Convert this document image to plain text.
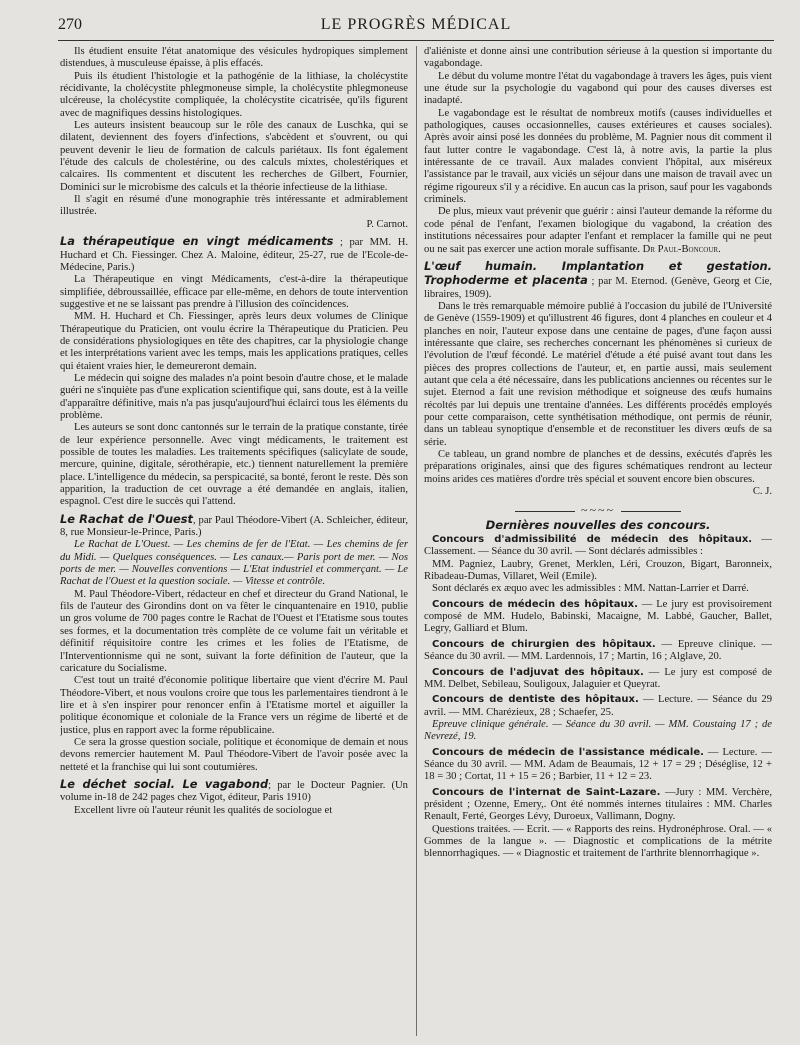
270	LE PROGRÈS MÉDICAL

Ils étudient ensuite l'état anatomique des vésicules hydropiques simplement distendues, à musculeuse épaisse, à plis effacés.

Puis ils étudient l'histologie et la pathogénie de la lithiase, la cholécystite récidivante, la cholécystite phlegmoneuse simple, la cholécystite phlegmoneuse ulcéreuse, la cholécystite compliquée, la cholécystite cicatrisée, qu'ils figurent avec de magnifiques dessins histologiques.

Les auteurs insistent beaucoup sur le rôle des canaux de Luschka, qui se dilatent, deviennent des foyers d'infections, s'abcèdent et s'ouvrent, ou qui peuvent devenir le lieu de formation de calculs pariétaux. Ils font également l'étude des calculs de cholestérine, ou des calculs mixtes, cholestériques et calcaires. Ils commentent et discutent les recherches de Gilbert, Fournier, Dominici sur le microbisme des calculs et la théorie infectieuse de la lithiase.

Il s'agit en résumé d'une monographie très intéressante et admirablement illustrée.

P. Carnot.

La thérapeutique en vingt médicaments ; par MM. H. Huchard et Ch. Fiessinger. Chez A. Maloine, éditeur, 25-27, rue de l'Ecole-de-Médecine, Paris.)

La Thérapeutique en vingt Médicaments, c'est-à-dire la thérapeutique simplifiée, débroussaillée, efficace par elle-même, en dehors de toute intervention suggestive et ne se laissant pas prendre à l'illusion des coïncidences.

MM. H. Huchard et Ch. Fiessinger, après leurs deux volumes de Clinique Thérapeutique du Praticien, ont voulu écrire la Thérapeutique du Praticien. Peu de considérations physiologiques en tête des chapitres, car la physiologie change et les interprétations varient avec les temps, mais les applications pratiques, celles qui étaient vraies hier, le demeureront demain.

Le médecin qui soigne des malades n'a point besoin d'autre chose, et le malade guéri ne s'inquiète pas d'une explication scientifique qui, sans doute, est à la veille d'apparaître définitive, mais n'a pas jusqu'aujourd'hui éclairci tous les éléments du problème.

Les auteurs se sont donc cantonnés sur le terrain de la pratique constante, tirée de leur expérience personnelle. Avec vingt médicaments, le traitement est possible de toutes les maladies. Les traitements spécifiques (salicylate de soude, mercure, quinine, digitale, sérothérapie, etc.) tiennent naturellement la première place. L'intelligence du médecin, sa perspicacité, sa bonté, feront le reste. Dès son apparition, la traduction de cet ouvrage a été demandée en anglais, italien, espagnol. C'est dire le succès qui l'attend.

Le Rachat de l'Ouest, par Paul Théodore-Vibert (A. Schleicher, éditeur, 8, rue Monsieur-le-Prince, Paris.)

Le Rachat de L'Ouest. — Les chemins de fer de l'Etat. — Les chemins de fer du Midi. — Quelques conséquences. — Les canaux.— Paris port de mer. — Nos ports de mer. — Nouvelles conventions — L'Etat industriel et commerçant. — Le Rachat de l'Ouest et la question sociale. — Vitesse et contrôle.

M. Paul Théodore-Vibert, rédacteur en chef et directeur du Grand National, le fils de l'auteur des Girondins dont on va fêter le cinquantenaire en 1910, publie un gros volume de 700 pages contre le Rachat de l'Ouest et l'Etatisme sous toutes ses formes, et la documentation très complète de ce volume fait un véritable et définitif réquisitoire contre les crimes et les folies de l'Etatisme, de l'Interventionnisme qui ne sont, suivant la forte définition de l'auteur, que la caricature du Socialisme.

C'est tout un traité d'économie politique libertaire que vient d'écrire M. Paul Théodore-Vibert, et nous voulons croire que tous les parlementaires tiendront à le lire et à s'en inspirer pour renoncer enfin à l'Etatisme mortel et aiguiller la politique économique et coloniale de la France vers un régime de liberté et de justice, plus en rapport avec la forme républicaine.

Ce sera la grosse question sociale, politique et économique de demain et nous devons remercier hautement M. Paul Théodore-Vibert de l'avoir posée avec la netteté et la franchise qui lui sont coutumières.

Le déchet social. Le vagabond; par le Docteur Pagnier. (Un volume in-18 de 242 pages chez Vigot, éditeur, Paris 1910)

Excellent livre où l'auteur réunit les qualités de sociologue et

d'aliéniste et donne ainsi une contribution sérieuse à la question si importante du vagabondage.

Le début du volume montre l'état du vagabondage à travers les âges, puis vient une étude sur la psychologie du vagabond qui pour des causes diverses est inadapté.

Le vagabondage est le résultat de nombreux motifs (causes individuelles et pathologiques, causes occasionnelles, causes extérieures et causes sociales). Après avoir ainsi posé les données du problème, M. Pagnier nous dit comment il faut lutter contre le vagabondage. C'est là, à notre avis, la partie la plus intéressante de ce travail. Aux malades convient l'hôpital, aux miséreux l'assistance par le travail, aux viciés un séjour dans une maison de travail avec un régime rigoureux s'il y a récidive. En aucun cas la prison, sauf pour les vagabonds criminels.

De plus, mieux vaut prévenir que guérir : ainsi l'auteur demande la réforme du code pénal de l'enfant, l'examen biologique du vagabond, la création des institutions nécessaires pour adapter l'enfant et remplacer la famille qui ne peut ou ne sait pas exercer une action morale suffisante. Dr Paul-Boncour.

L'œuf humain. Implantation et gestation. Trophoderme et placenta ; par M. Eternod. (Genève, Georg et Cie, libraires, 1909).

Dans le très remarquable mémoire publié à l'occasion du jubilé de l'Université de Genève (1559-1909) et qu'illustrent 46 figures, dont 4 planches en couleur et 4 planches en noir, l'auteur expose dans une centaine de pages, d'une façon aussi intéressante que claire, ses recherches concernant les phénomènes si curieux de l'évolution de l'œuf fécondé. Le matériel d'étude a été puisé avant tout dans les pièces des propres collections de l'auteur, et, en partie aussi, mais seulement autant que cela a été nécessaire, dans les publications anciennes ou récentes sur le sujet. Eternod a fait une revision méthodique et soigneuse des œufs humains récoltés par lui depuis une trentaine d'années. Les différents procédés employés pour cette comparaison, cette synthétisation méthodique, ont permis de réunir, dans un tableau synoptique d'ensemble et de reconstituer les divers œufs de sa série.

Ce tableau, un grand nombre de planches et de dessins, exécutés d'après les préparations originales, ainsi que des figures schématiques rendront au lecteur moins arides ces matières d'ordre très spécial et souvent encore bien obscures.

C. J.

~~~~

Dernières nouvelles des concours.

Concours d'admissibilité de médecin des hôpitaux. — Classement. — Séance du 30 avril. — Sont déclarés admissibles :

MM. Pagniez, Laubry, Grenet, Merklen, Léri, Crouzon, Bigart, Baronneix, Ribadeau-Dumas, Villaret, Weil (Emile).

Sont déclarés ex æquo avec les admissibles : MM. Nattan-Larrier et Darré.

Concours de médecin des hôpitaux. — Le jury est provisoirement composé de MM. Hudelo, Babinski, Macaigne, M. Labbé, Gaucher, Ballet, Legry, Galliard et Blum.

Concours de chirurgien des hôpitaux. — Epreuve clinique. — Séance du 30 avril. — MM. Lardennois, 17 ; Martin, 16 ; Alglave, 20.

Concours de l'adjuvat des hôpitaux. — Le jury est composé de MM. Delbet, Sebileau, Souligoux, Jalaguier et Queyrat.

Concours de dentiste des hôpitaux. — Lecture. — Séance du 29 avril. — MM. Charézieux, 28 ; Schaefer, 25.

Epreuve clinique générale. — Séance du 30 avril. — MM. Coustaing 17 ; de Nevrezé, 19.

Concours de médecin de l'assistance médicale. — Lecture. — Séance du 30 avril. — MM. Adam de Beaumais, 12 + 17 = 29 ; Déséglise, 12 + 18 = 30 ; Cortat, 11 + 15 = 26 ; Barbier, 11 + 12 = 23.

Concours de l'internat de Saint-Lazare. —Jury : MM. Verchère, président ; Ozenne, Emery,. Ont été nommés internes titulaires : MM. Charles Renault, Ferté, Georges Lévy, Duroeux, Vallimann, Dogny.

Questions traitées. — Ecrit. — « Rapports des reins. Hydronéphrose. Oral. — « Gommes de la langue ». — Diagnostic et complications de la métrite blennorrhagiques. — « Diagnostic et traitement de l'arthrite blennorrhagique ».
